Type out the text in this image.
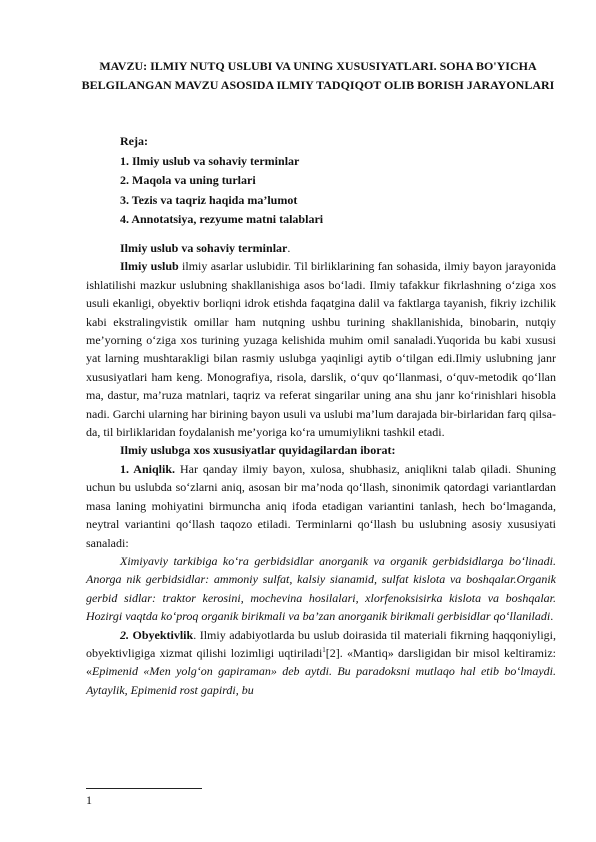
MAVZU: ILMIY NUTQ USLUBI VA UNING XUSUSIYATLARI. SOHA BO'YICHA BELGILANGAN MAVZU ASOSIDA ILMIY TADQIQOT OLIB BORISH JARAYONLARI
Reja:
1. Ilmiy uslub va sohaviy terminlar
2. Maqola va uning turlari
3. Tezis va taqriz haqida ma’lumot
4. Annotatsiya, rezyume matni talablari

Ilmiy uslub va sohaviy terminlar.

Ilmiy uslub ilmiy asarlar uslubidir. Til birliklarining fan sohasida, ilmiy bayon jarayonida ishlatilishi mazkur uslubning shakllanishiga asos bo‘ladi. Ilmiy tafakkur fikrlashning o‘ziga xos usuli ekanligi, obyektiv borliqni idrok etishda faqatgina dalil va faktlarga tayanish, fikriy izchilik kabi ekstralingvistik omillar ham nutqning ushbu turining shakllanishida, binobarin, nutqiy me’yorning o‘ziga xos turining yuzaga kelishida muhim omil sanaladi.Yuqorida bu kabi xususi yat larning mushtarakligi bilan rasmiy uslubga yaqinligi aytib o‘tilgan edi.Ilmiy uslubning janr xususiyatlari ham keng. Monografiya, risola, darslik, o‘quv qo‘llanmasi, o‘quv-metodik qo‘llan ma, dastur, ma’ruza matnlari, taqriz va referat singarilar uning ana shu janr ko‘rinishlari hisobla nadi. Garchi ularning har birining bayon usuli va uslubi ma’lum darajada bir-birlaridan farq qilsa-da, til birliklaridan foydalanish me’yoriga ko‘ra umumiylikni tashkil etadi.

Ilmiy uslubga xos xususiyatlar quyidagilardan iborat:

1. Aniqlik. Har qanday ilmiy bayon, xulosa, shubhasiz, aniqlikni talab qiladi. Shuning uchun bu uslubda so‘zlarni aniq, asosan bir ma’noda qo‘llash, sinonimik qatordagi variantlardan masa laning mohiyatini birmuncha aniq ifoda etadigan variantini tanlash, hech bo‘lmaganda, neytral variantini qo‘llash taqozo etiladi. Terminlarni qo‘llash bu uslubning asosiy xususiyati sanaladi:

Ximiyaviy tarkibiga ko‘ra gerbidsidlar anorganik va organik gerbidsidlarga bo‘linadi. Anorga nik gerbidsidlar: ammoniy sulfat, kalsiy sianamid, sulfat kislota va boshqalar.Organik gerbid sidlar: traktor kerosini, mochevina hosilalari, xlorfenoksisirka kislota va boshqalar. Hozirgi vaqtda ko‘proq organik birikmali va ba’zan anorganik birikmali gerbisidlar qo‘llaniladi.

2. Obyektivlik. Ilmiy adabiyotlarda bu uslub doirasida til materiali fikrning haqqoniyligi, obyektivligiga xizmat qilishi lozimligi uqtiriladi$^1$[2]. «Mantiq» darsligidan bir misol keltiramiz: «Epimenid «Men yolg‘on gapiraman» deb aytdi. Bu paradoksni mutlaqo hal etib bo‘lmaydi. Aytaylik, Epimenid rost gapirdi, bu

1
